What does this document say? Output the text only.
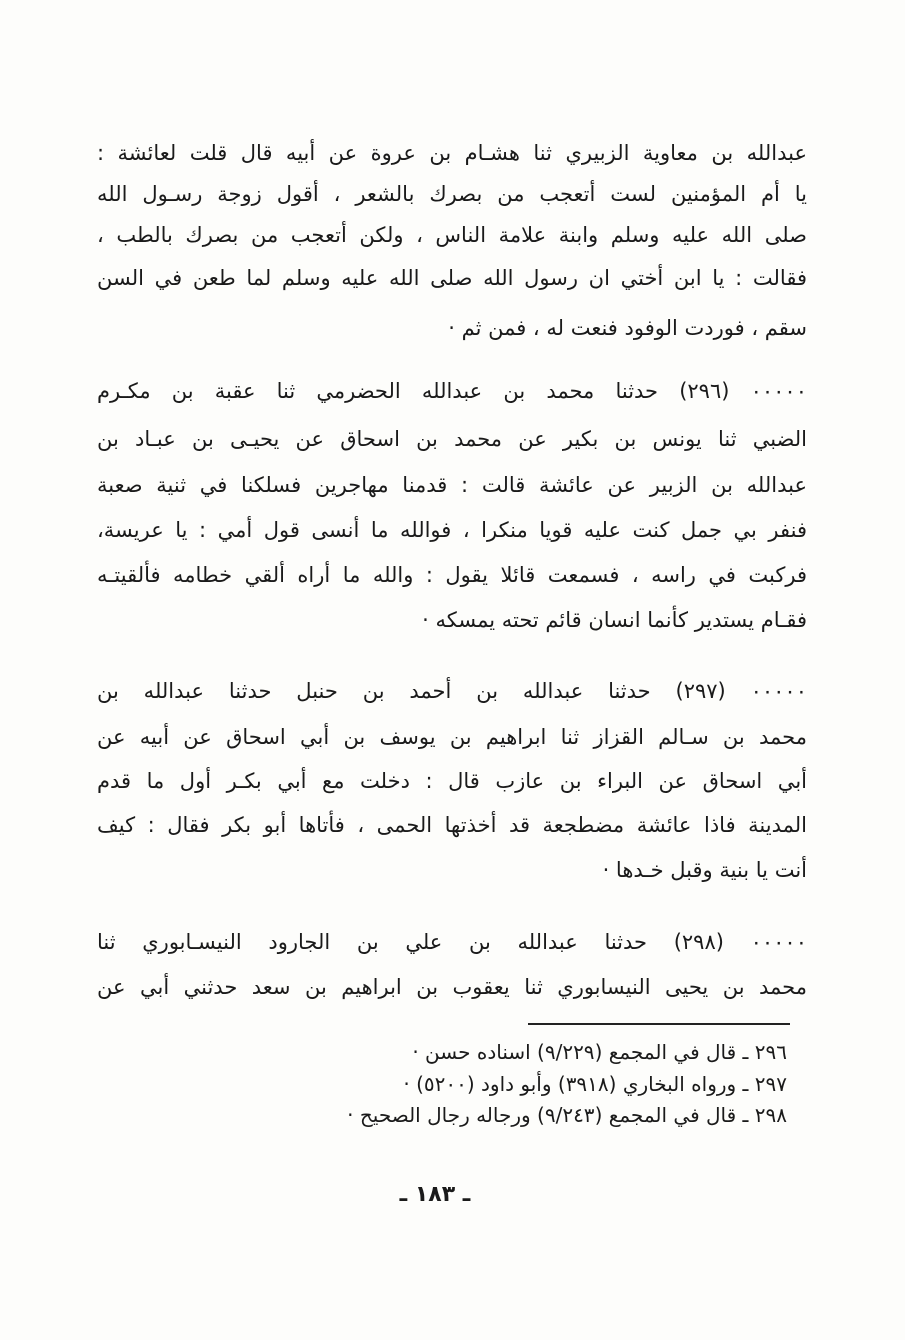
عبدالله بن معاوية الزبيري ثنا هشـام بن عروة عن أبيه قال قلت لعائشة :
يا أم المؤمنين لست أتعجب من بصرك بالشعر ، أقول زوجة رسـول الله
صلى الله عليه وسلم وابنة علامة الناس ، ولكن أتعجب من بصرك بالطب ،
فقالت : يا ابن أختي ان رسول الله صلى الله عليه وسلم لما طعن في السن
سقم ، فوردت الوفود فنعت له ، فمن ثم ·
٠٠٠٠٠ (٢٩٦) حدثنا محمد بن عبدالله الحضرمي ثنا عقبة بن مكـرم
الضبي ثنا يونس بن بكير عن محمد بن اسحاق عن يحيـى بن عبـاد بن
عبدالله بن الزبير عن عائشة قالت : قدمنا مهاجرين فسلكنا في ثنية صعبة
فنفر بي جمل كنت عليه قويا منكرا ، فوالله ما أنسى قول أمي : يا عريسة،
فركبت في راسه ، فسمعت قائلا يقول : والله ما أراه ألقي خطامه فألقيتـه
فقـام يستدير كأنما انسان قائم تحته يمسكه ·
٠٠٠٠٠ (٢٩٧) حدثنا عبدالله بن أحمد بن حنبل حدثنا عبدالله بن
محمد بن سـالم القزاز ثنا ابراهيم بن يوسف بن أبي اسحاق عن أبيه عن
أبي اسحاق عن البراء بن عازب قال : دخلت مع أبي بكـر أول ما قدم
المدينة فاذا عائشة مضطجعة قد أخذتها الحمى ، فأتاها أبو بكر فقال : كيف
أنت يا بنية وقبل خـدها ·
٠٠٠٠٠ (٢٩٨) حدثنا عبدالله بن علي بن الجارود النيسـابوري ثنا
محمد بن يحيى النيسابوري ثنا يعقوب بن ابراهيم بن سعد حدثني أبي عن
٢٩٦ ـ قال في المجمع (٩/٢٢٩) اسناده حسن ·
٢٩٧ ـ ورواه البخاري (٣٩١٨) وأبو داود (٥٢٠٠) ·
٢٩٨ ـ قال في المجمع (٩/٢٤٣) ورجاله رجال الصحيح ·
ـ ١٨٣ ـ
